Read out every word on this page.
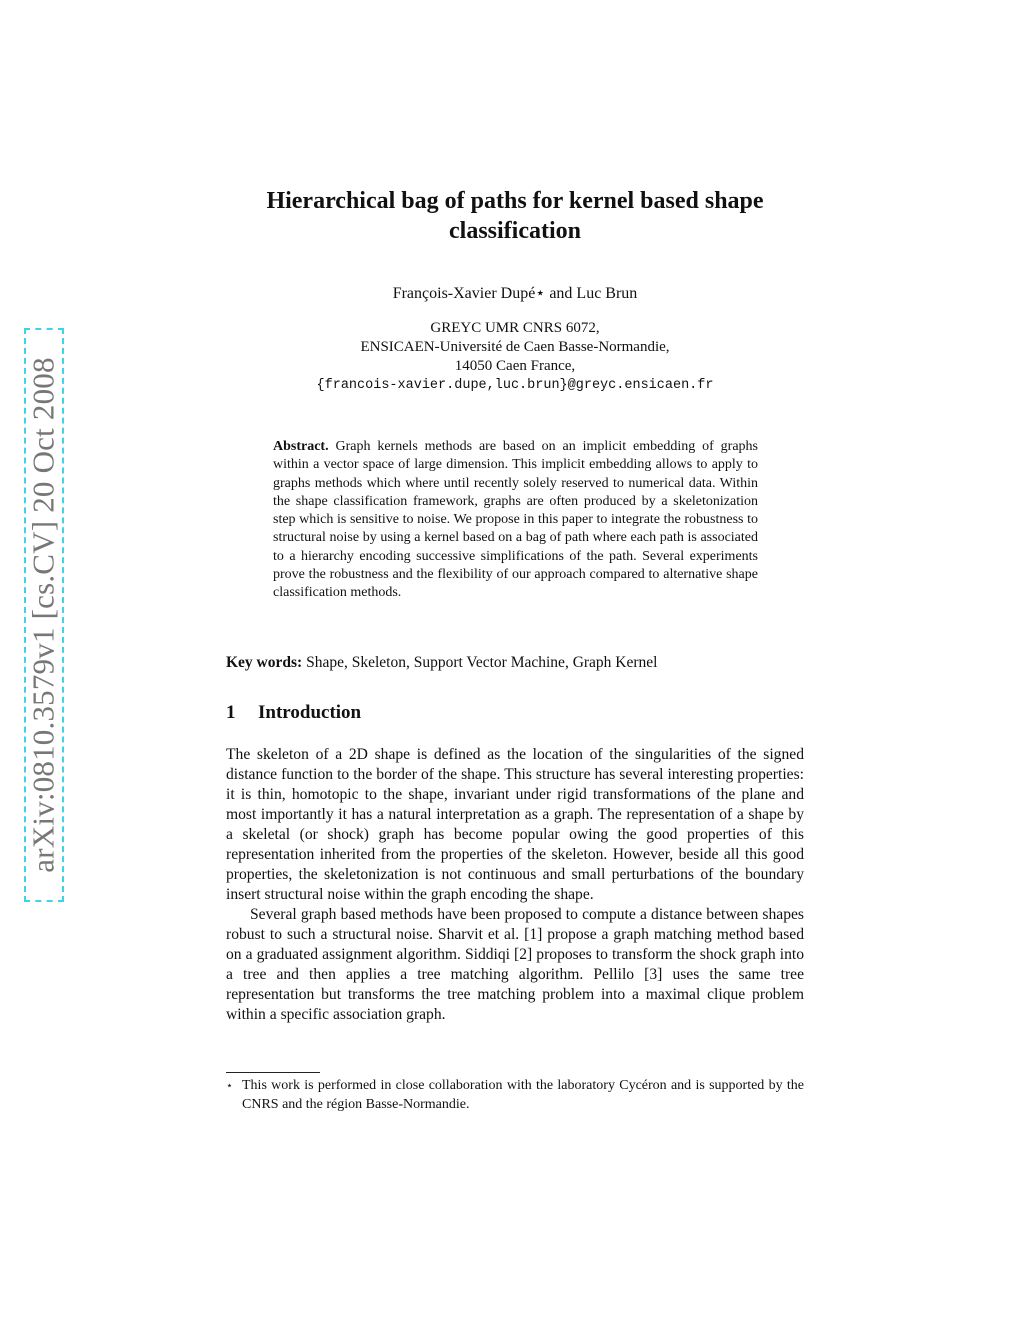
arXiv:0810.3579v1 [cs.CV] 20 Oct 2008
Hierarchical bag of paths for kernel based shape classification

François-Xavier Dupé⋆ and Luc Brun

GREYC UMR CNRS 6072,
ENSICAEN-Université de Caen Basse-Normandie,
14050 Caen France,
{francois-xavier.dupe,luc.brun}@greyc.ensicaen.fr
Abstract. Graph kernels methods are based on an implicit embedding of graphs within a vector space of large dimension. This implicit embedding allows to apply to graphs methods which where until recently solely reserved to numerical data. Within the shape classification framework, graphs are often produced by a skeletonization step which is sensitive to noise. We propose in this paper to integrate the robustness to structural noise by using a kernel based on a bag of path where each path is associated to a hierarchy encoding successive simplifications of the path. Several experiments prove the robustness and the flexibility of our approach compared to alternative shape classification methods.

Key words: Shape, Skeleton, Support Vector Machine, Graph Kernel

1 Introduction

The skeleton of a 2D shape is defined as the location of the singularities of the signed distance function to the border of the shape. This structure has several interesting properties: it is thin, homotopic to the shape, invariant under rigid transformations of the plane and most importantly it has a natural interpretation as a graph. The representation of a shape by a skeletal (or shock) graph has become popular owing the good properties of this representation inherited from the properties of the skeleton. However, beside all this good properties, the skeletonization is not continuous and small perturbations of the boundary insert structural noise within the graph encoding the shape.

Several graph based methods have been proposed to compute a distance between shapes robust to such a structural noise. Sharvit et al. [1] propose a graph matching method based on a graduated assignment algorithm. Siddiqi [2] proposes to transform the shock graph into a tree and then applies a tree matching algorithm. Pellilo [3] uses the same tree representation but transforms the tree matching problem into a maximal clique problem within a specific association graph.

⋆ This work is performed in close collaboration with the laboratory Cycéron and is supported by the CNRS and the région Basse-Normandie.
